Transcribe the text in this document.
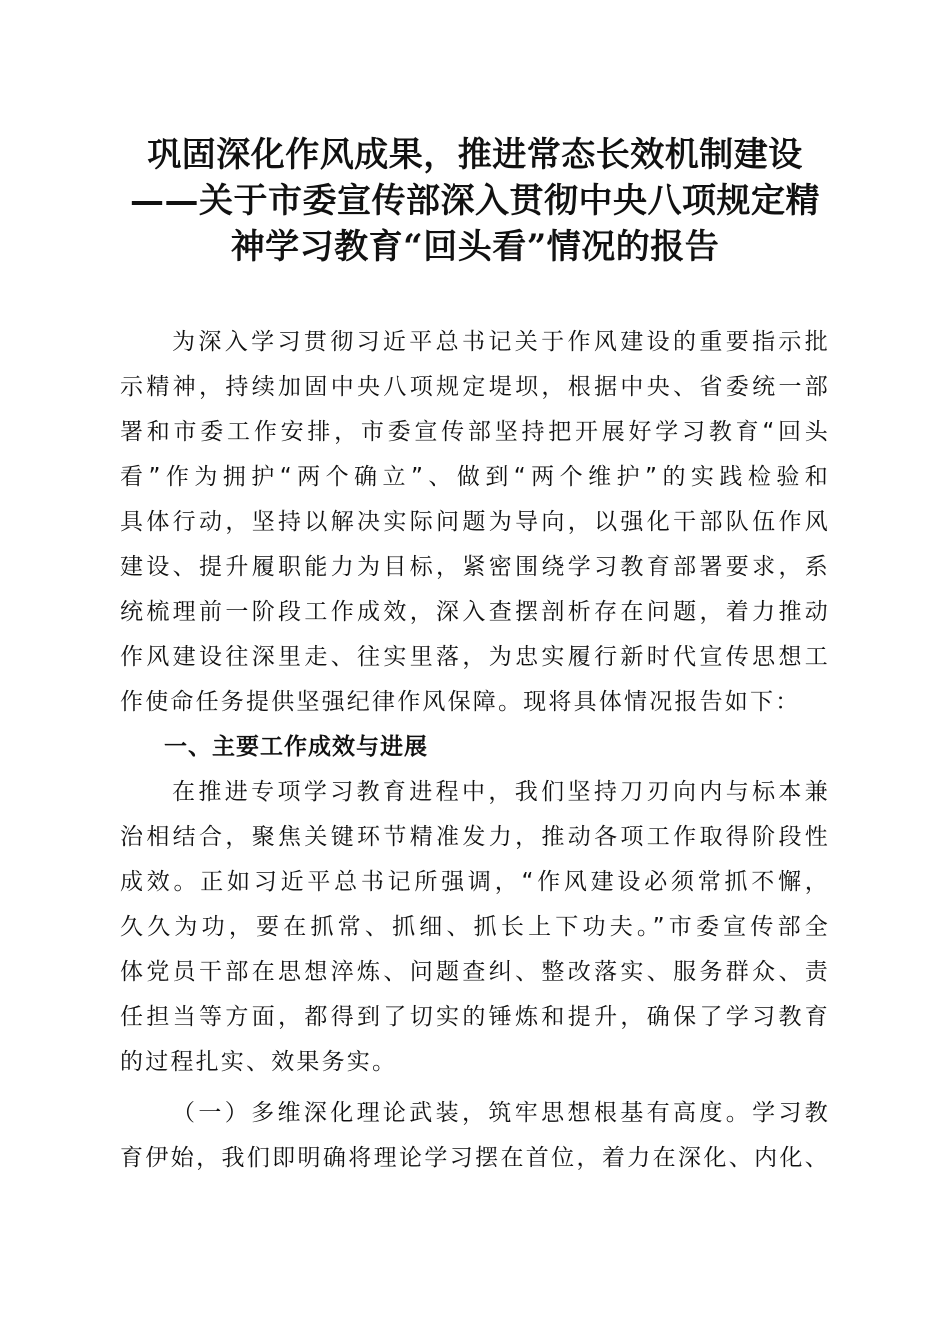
巩固深化作风成果，推进常态长效机制建设
——关于市委宣传部深入贯彻中央八项规定精
神学习教育“回头看”情况的报告
为深入学习贯彻习近平总书记关于作风建设的重要指示批
示精神，持续加固中央八项规定堤坝，根据中央、省委统一部
署和市委工作安排，市委宣传部坚持把开展好学习教育“回头
看”作为拥护“两个确立”、做到“两个维护”的实践检验和
具体行动，坚持以解决实际问题为导向，以强化干部队伍作风
建设、提升履职能力为目标，紧密围绕学习教育部署要求，系
统梳理前一阶段工作成效，深入查摆剖析存在问题，着力推动
作风建设往深里走、往实里落，为忠实履行新时代宣传思想工
作使命任务提供坚强纪律作风保障。现将具体情况报告如下：
一、主要工作成效与进展
在推进专项学习教育进程中，我们坚持刀刃向内与标本兼
治相结合，聚焦关键环节精准发力，推动各项工作取得阶段性
成效。正如习近平总书记所强调，“作风建设必须常抓不懈，
久久为功，要在抓常、抓细、抓长上下功夫。”市委宣传部全
体党员干部在思想淬炼、问题查纠、整改落实、服务群众、责
任担当等方面，都得到了切实的锤炼和提升，确保了学习教育
的过程扎实、效果务实。
（一）多维深化理论武装，筑牢思想根基有高度。学习教
育伊始，我们即明确将理论学习摆在首位，着力在深化、内化、
